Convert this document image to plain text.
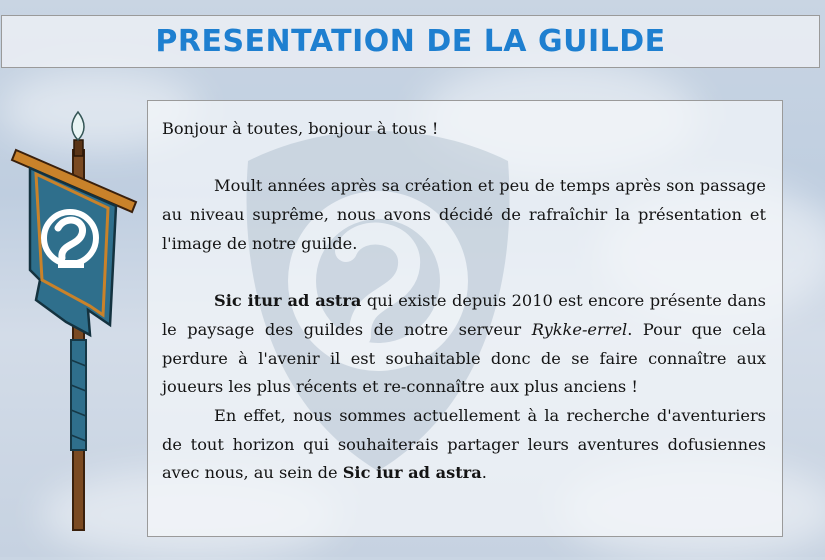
PRESENTATION DE LA GUILDE

Bonjour à toutes, bonjour à tous !

Moult années après sa création et peu de temps après son passage au niveau suprême, nous avons décidé de rafraîchir la présentation et l'image de notre guilde.

Sic itur ad astra qui existe depuis 2010 est encore présente dans le paysage des guildes de notre serveur Rykke-errel. Pour que cela perdure à l'avenir il est souhaitable donc de se faire connaître aux joueurs les plus récents et re-connaître aux plus anciens !

En effet, nous sommes actuellement à la recherche d'aventuriers de tout horizon qui souhaiterais partager leurs aventures dofusiennes avec nous, au sein de Sic iur ad astra.
